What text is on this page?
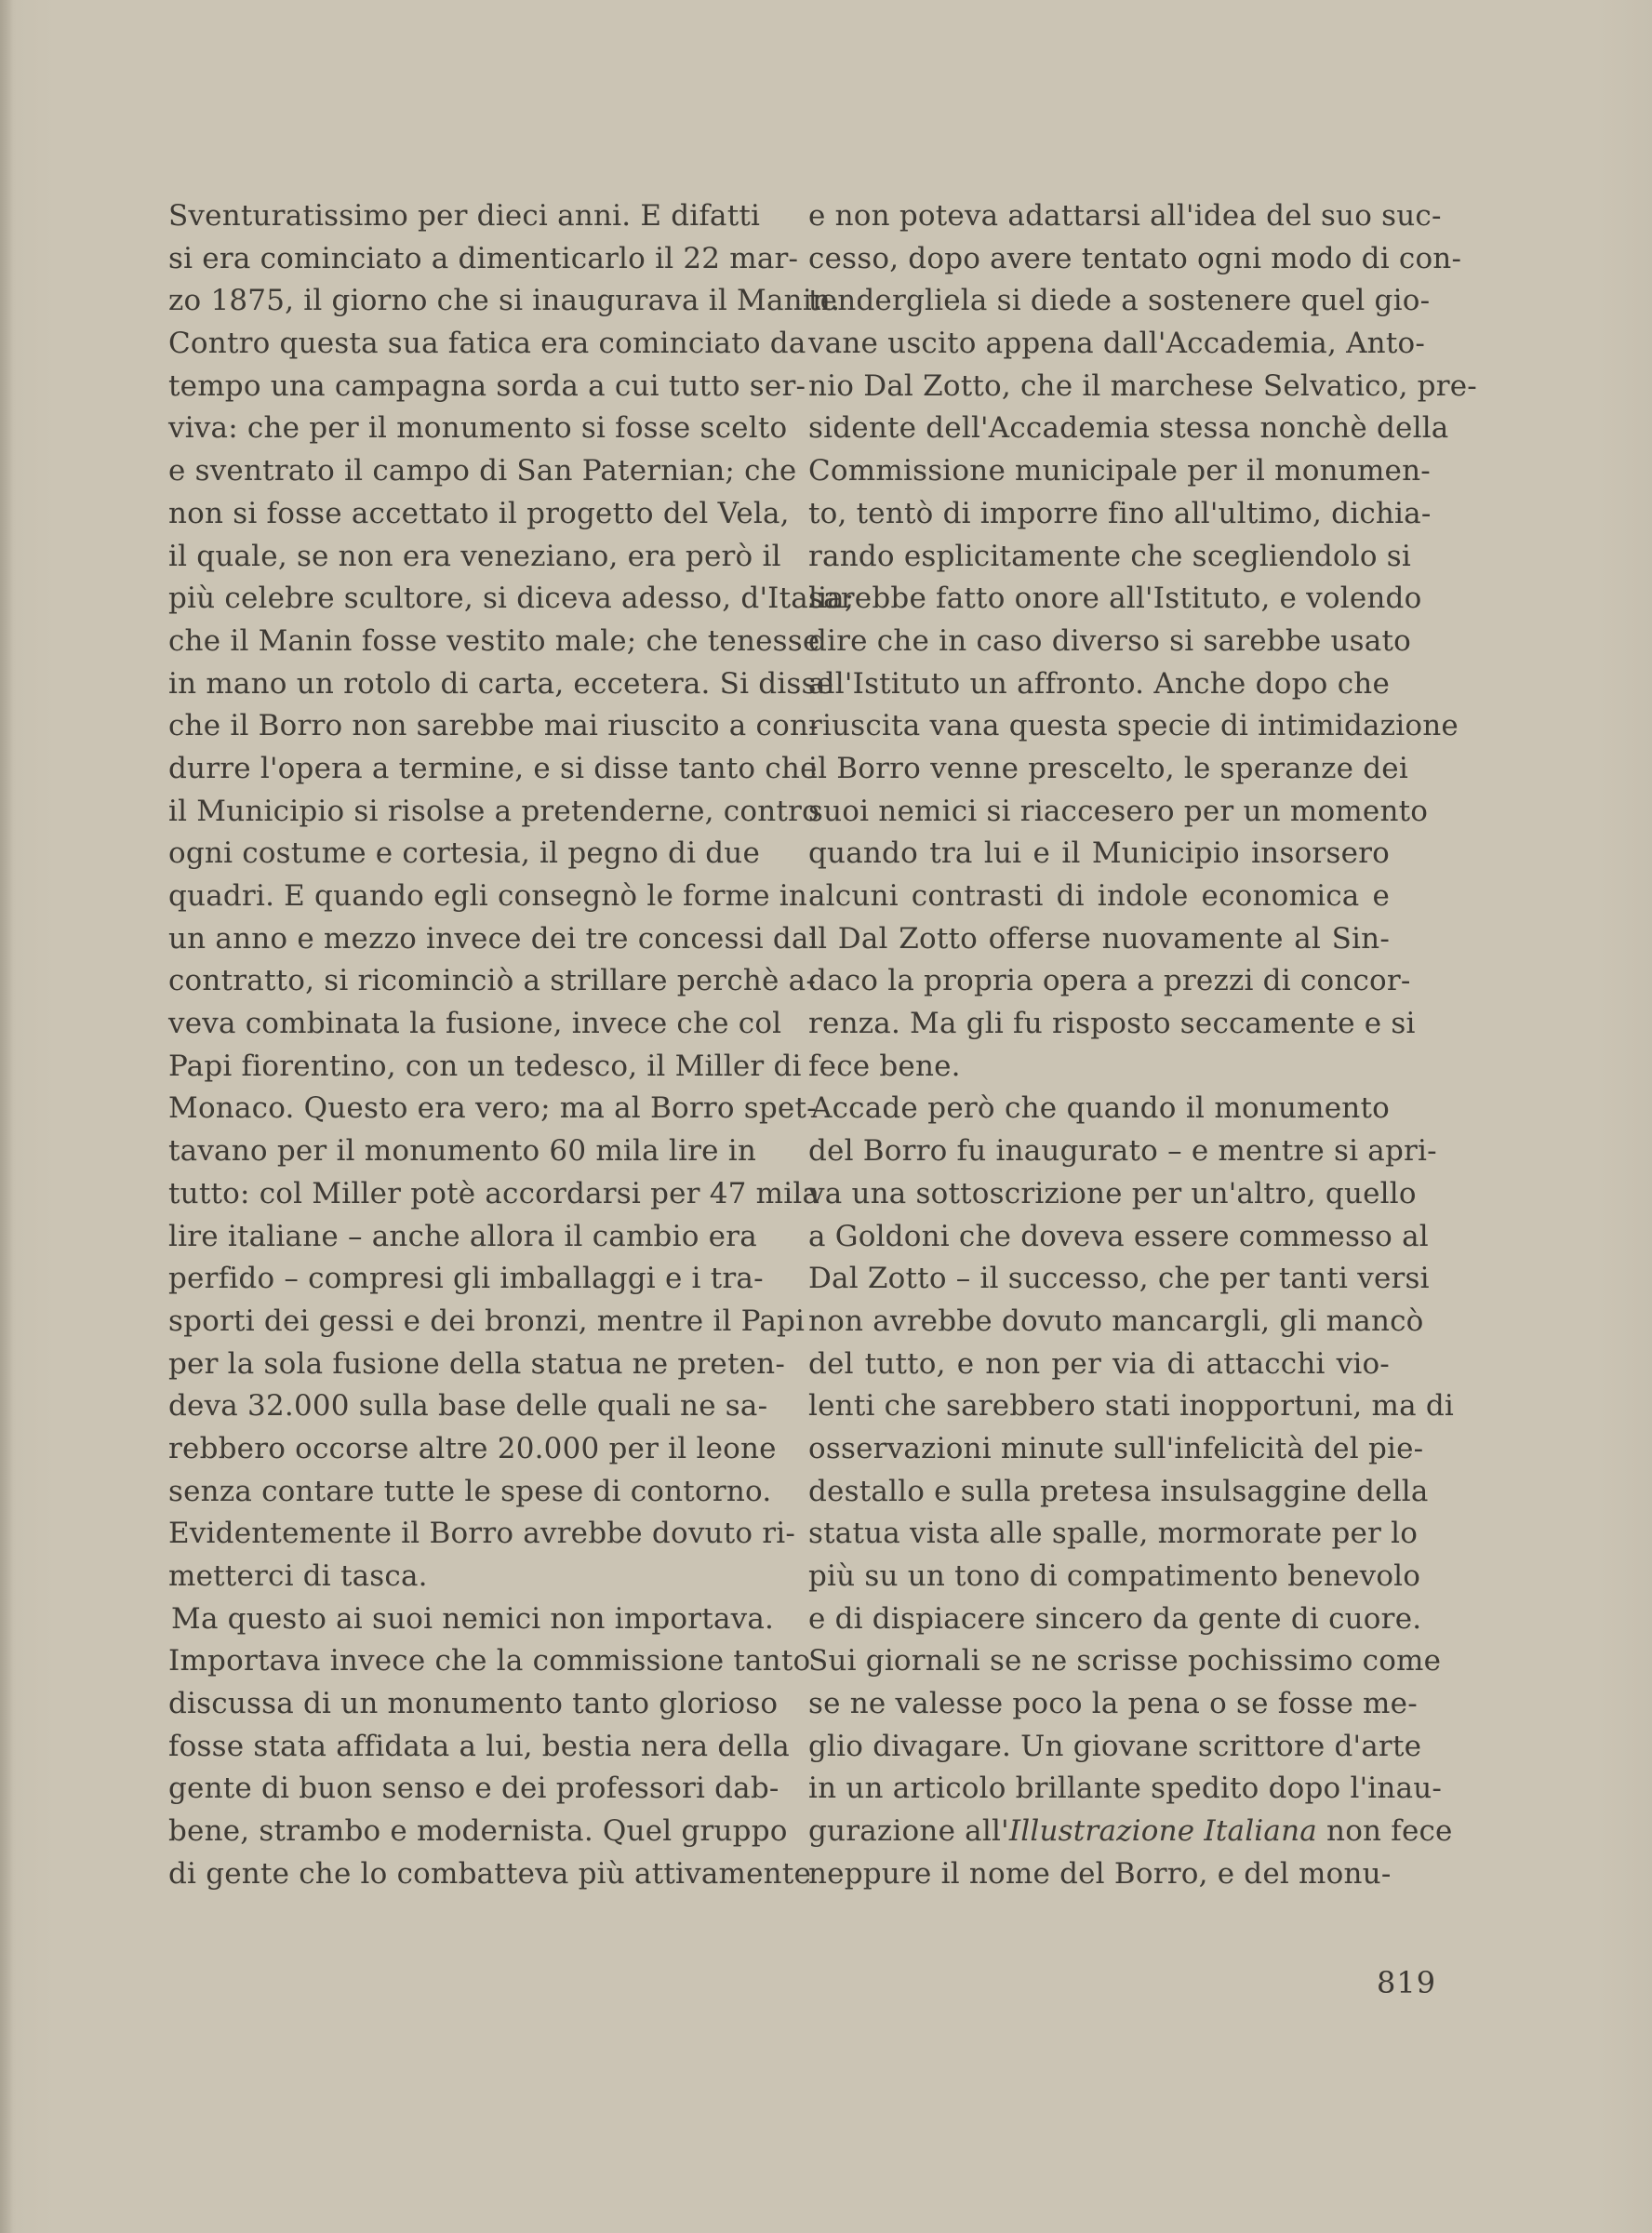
Sventuratissimo per dieci anni. E difatti
si era cominciato a dimenticarlo il 22 mar-
zo 1875, il giorno che si inaugurava il Manin.
Contro questa sua fatica era cominciato da
tempo una campagna sorda a cui tutto ser-
viva: che per il monumento si fosse scelto
e sventrato il campo di San Paternian; che
non si fosse accettato il progetto del Vela,
il quale, se non era veneziano, era però il
più celebre scultore, si diceva adesso, d'Italia;
che il Manin fosse vestito male; che tenesse
in mano un rotolo di carta, eccetera. Si disse
che il Borro non sarebbe mai riuscito a con-
durre l'opera a termine, e si disse tanto che
il Municipio si risolse a pretenderne, contro
ogni costume e cortesia, il pegno di due
quadri. E quando egli consegnò le forme in
un anno e mezzo invece dei tre concessi dal
contratto, si ricominciò a strillare perchè a-
veva combinata la fusione, invece che col
Papi fiorentino, con un tedesco, il Miller di
Monaco. Questo era vero; ma al Borro spet-
tavano per il monumento 60 mila lire in
tutto: col Miller potè accordarsi per 47 mila
lire italiane – anche allora il cambio era
perfido – compresi gli imballaggi e i tra-
sporti dei gessi e dei bronzi, mentre il Papi
per la sola fusione della statua ne preten-
deva 32.000 sulla base delle quali ne sa-
rebbero occorse altre 20.000 per il leone
senza contare tutte le spese di contorno.
Evidentemente il Borro avrebbe dovuto ri-
metterci di tasca.
Ma questo ai suoi nemici non importava.
Importava invece che la commissione tanto
discussa di un monumento tanto glorioso
fosse stata affidata a lui, bestia nera della
gente di buon senso e dei professori dab-
bene, strambo e modernista. Quel gruppo
di gente che lo combatteva più attivamente
e non poteva adattarsi all'idea del suo suc-
cesso, dopo avere tentato ogni modo di con-
tendergliela si diede a sostenere quel gio-
vane uscito appena dall'Accademia, Anto-
nio Dal Zotto, che il marchese Selvatico, pre-
sidente dell'Accademia stessa nonchè della
Commissione municipale per il monumen-
to, tentò di imporre fino all'ultimo, dichia-
rando esplicitamente che scegliendolo si
sarebbe fatto onore all'Istituto, e volendo
dire che in caso diverso si sarebbe usato
all'Istituto un affronto. Anche dopo che
riuscita vana questa specie di intimidazione
il Borro venne prescelto, le speranze dei
suoi nemici si riaccesero per un momento
quando tra lui e il Municipio insorsero
alcuni contrasti di indole economica e
il Dal Zotto offerse nuovamente al Sin-
daco la propria opera a prezzi di concor-
renza. Ma gli fu risposto seccamente e si
fece bene.
Accade però che quando il monumento
del Borro fu inaugurato – e mentre si apri-
va una sottoscrizione per un'altro, quello
a Goldoni che doveva essere commesso al
Dal Zotto – il successo, che per tanti versi
non avrebbe dovuto mancargli, gli mancò
del tutto, e non per via di attacchi vio-
lenti che sarebbero stati inopportuni, ma di
osservazioni minute sull'infelicità del pie-
destallo e sulla pretesa insulsaggine della
statua vista alle spalle, mormorate per lo
più su un tono di compatimento benevolo
e di dispiacere sincero da gente di cuore.
Sui giornali se ne scrisse pochissimo come
se ne valesse poco la pena o se fosse me-
glio divagare. Un giovane scrittore d'arte
in un articolo brillante spedito dopo l'inau-
gurazione all'Illustrazione Italiana non fece
neppure il nome del Borro, e del monu-
819
